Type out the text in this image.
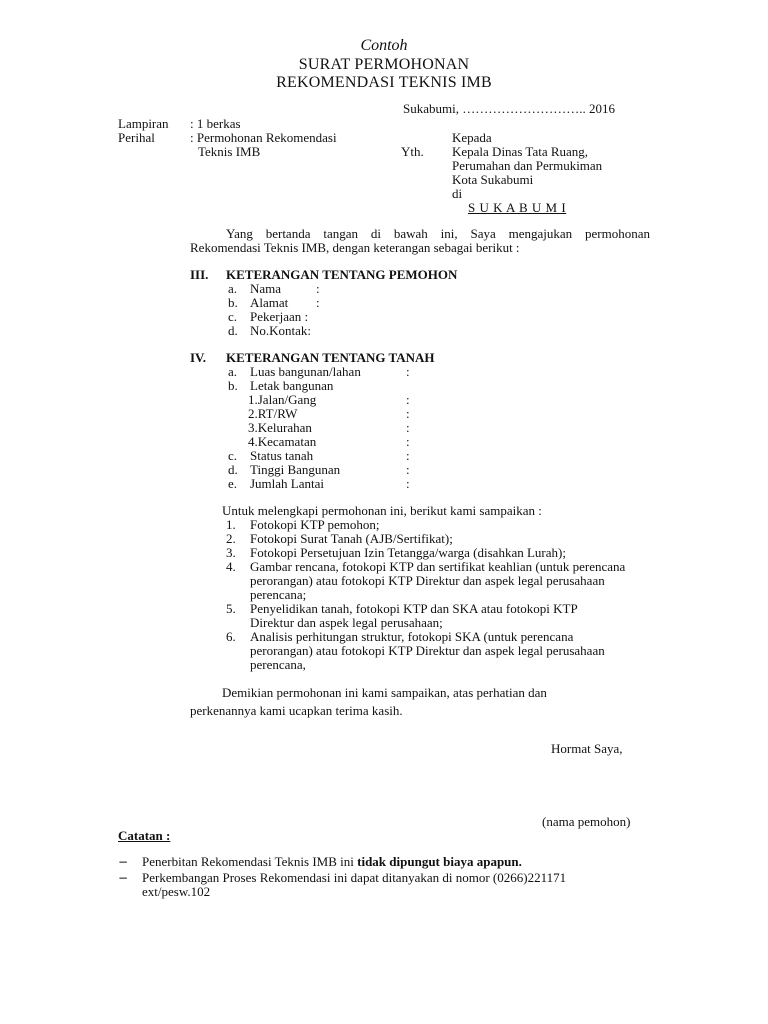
Contoh
SURAT PERMOHONAN
REKOMENDASI TEKNIS IMB
Sukabumi, ……………………….. 2016
Lampiran : 1 berkas
Perihal	: Permohonan Rekomendasi
Teknis IMB
Kepada
Yth. Kepala Dinas Tata Ruang,
Perumahan dan Permukiman
Kota Sukabumi
di
S U K A B U M I
Yang bertanda tangan di bawah ini, Saya mengajukan permohonan
Rekomendasi Teknis IMB, dengan keterangan sebagai berikut :
III. KETERANGAN TENTANG PEMOHON
a. Nama	:
b. Alamat :
c. Pekerjaan :
d. No.Kontak:
IV. KETERANGAN TENTANG TANAH
a. Luas bangunan/lahan	:
b. Letak bangunan
1.Jalan/Gang	:
2.RT/RW	:
3.Kelurahan	:
4.Kecamatan	:
c. Status tanah	:
d. Tinggi Bangunan	:
e. Jumlah Lantai	:
Untuk melengkapi permohonan ini, berikut kami sampaikan :
1. Fotokopi KTP pemohon;
2. Fotokopi Surat Tanah (AJB/Sertifikat);
3. Fotokopi Persetujuan Izin Tetangga/warga (disahkan Lurah);
4. Gambar rencana, fotokopi KTP dan sertifikat keahlian (untuk perencana
perorangan) atau fotokopi KTP Direktur dan aspek legal perusahaan
perencana;
5. Penyelidikan tanah, fotokopi KTP dan SKA atau fotokopi KTP
Direktur dan aspek legal perusahaan;
6. Analisis perhitungan struktur, fotokopi SKA (untuk perencana
perorangan) atau fotokopi KTP Direktur dan aspek legal perusahaan
perencana,
Demikian permohonan ini kami sampaikan, atas perhatian dan
perkenannya kami ucapkan terima kasih.
Hormat Saya,
(nama pemohon)
Catatan :
− Penerbitan Rekomendasi Teknis IMB ini tidak dipungut biaya apapun.
− Perkembangan Proses Rekomendasi ini dapat ditanyakan di nomor (0266)221171
ext/pesw.102
